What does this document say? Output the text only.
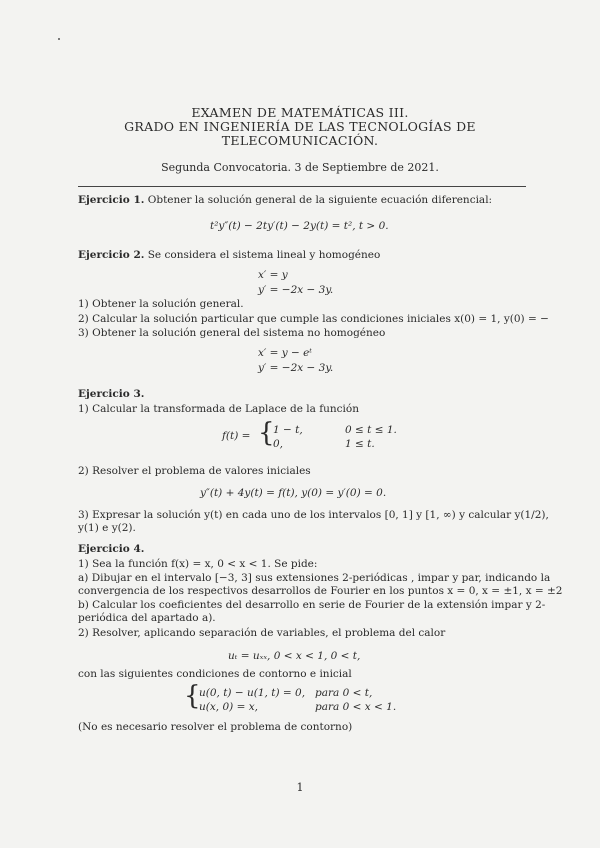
EXAMEN DE MATEMÁTICAS III.
GRADO EN INGENIERÍA DE LAS TECNOLOGÍAS DE
TELECOMUNICACIÓN.
Segunda Convocatoria. 3 de Septiembre de 2021.
Ejercicio 1. Obtener la solución general de la siguiente ecuación diferencial:
t²y″(t) − 2ty′(t) − 2y(t) = t², t > 0.
Ejercicio 2. Se considera el sistema lineal y homogéneo
x′ = y
y′ = −2x − 3y.
1) Obtener la solución general.
2) Calcular la solución particular que cumple las condiciones iniciales x(0) = 1, y(0) = −
3) Obtener la solución general del sistema no homogéneo
x′ = y − eᵗ
y′ = −2x − 3y.
Ejercicio 3.
1) Calcular la transformada de Laplace de la función
f(t) = {
1 − t,	0 ≤ t ≤ 1.
0,	1 ≤ t.
2) Resolver el problema de valores iniciales
y″(t) + 4y(t) = f(t), y(0) = y′(0) = 0.
3) Expresar la solución y(t) en cada uno de los intervalos [0, 1] y [1, ∞) y calcular y(1/2),
y(1) e y(2).
Ejercicio 4.
1) Sea la función f(x) = x, 0 < x < 1. Se pide:
a) Dibujar en el intervalo [−3, 3] sus extensiones 2-periódicas , impar y par, indicando la
convergencia de los respectivos desarrollos de Fourier en los puntos x = 0, x = ±1, x = ±2
b) Calcular los coeficientes del desarrollo en serie de Fourier de la extensión impar y 2-
periódica del apartado a).
2) Resolver, aplicando separación de variables, el problema del calor
uₜ = uₓₓ, 0 < x < 1, 0 < t,
con las siguientes condiciones de contorno e inicial
{
u(0, t) − u(1, t) = 0, para 0 < t,
u(x, 0) = x,	para 0 < x < 1.
(No es necesario resolver el problema de contorno)
1
